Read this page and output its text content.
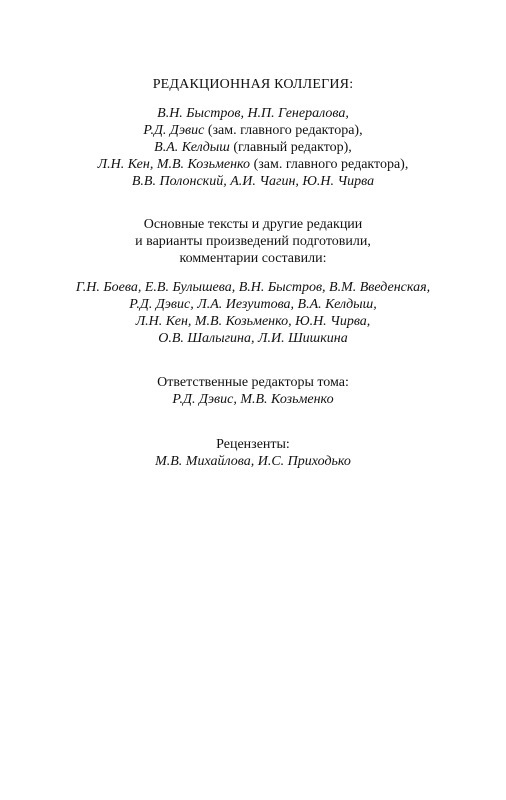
РЕДАКЦИОННАЯ КОЛЛЕГИЯ:
В.Н. Быстров, Н.П. Генералова,
Р.Д. Дэвис (зам. главного редактора),
В.А. Келдыш (главный редактор),
Л.Н. Кен, М.В. Козьменко (зам. главного редактора),
В.В. Полонский, А.И. Чагин, Ю.Н. Чирва
Основные тексты и другие редакции
и варианты произведений подготовили,
комментарии составили:
Г.Н. Боева, Е.В. Булышева, В.Н. Быстров, В.М. Введенская,
Р.Д. Дэвис, Л.А. Иезуитова, В.А. Келдыш,
Л.Н. Кен, М.В. Козьменко, Ю.Н. Чирва,
О.В. Шалыгина, Л.И. Шишкина
Ответственные редакторы тома:
Р.Д. Дэвис, М.В. Козьменко
Рецензенты:
М.В. Михайлова, И.С. Приходько
